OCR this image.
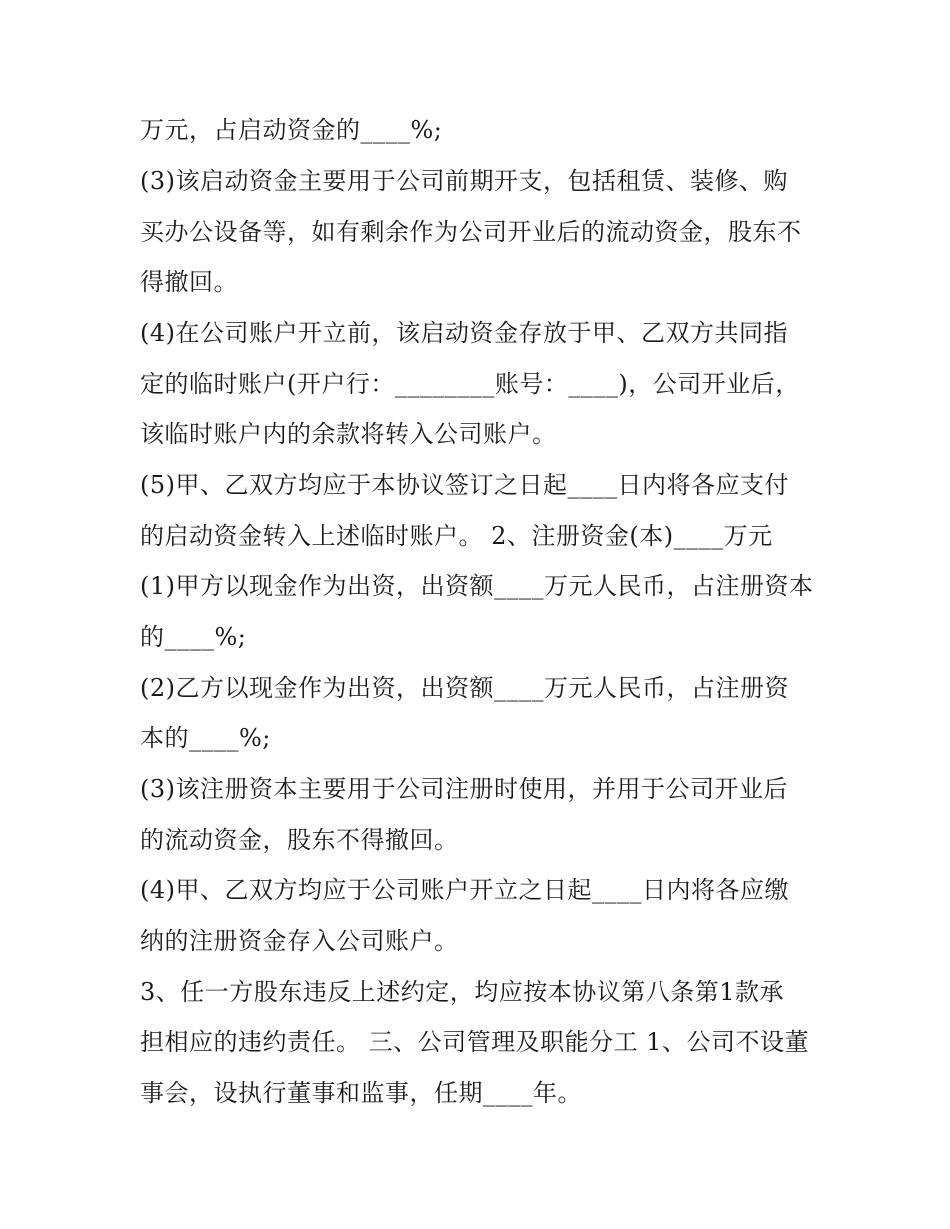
万元，占启动资金的____%;
(3)该启动资金主要用于公司前期开支，包括租赁、装修、购
买办公设备等，如有剩余作为公司开业后的流动资金，股东不
得撤回。
(4)在公司账户开立前，该启动资金存放于甲、乙双方共同指
定的临时账户(开户行：________账号：____)，公司开业后，
该临时账户内的余款将转入公司账户。
(5)甲、乙双方均应于本协议签订之日起____日内将各应支付
的启动资金转入上述临时账户。 2、注册资金(本)____万元
(1)甲方以现金作为出资，出资额____万元人民币，占注册资本
的____%;
(2)乙方以现金作为出资，出资额____万元人民币，占注册资
本的____%;
(3)该注册资本主要用于公司注册时使用，并用于公司开业后
的流动资金，股东不得撤回。
(4)甲、乙双方均应于公司账户开立之日起____日内将各应缴
纳的注册资金存入公司账户。
3、任一方股东违反上述约定，均应按本协议第八条第1款承
担相应的违约责任。 三、公司管理及职能分工 1、公司不设董
事会，设执行董事和监事，任期____年。
